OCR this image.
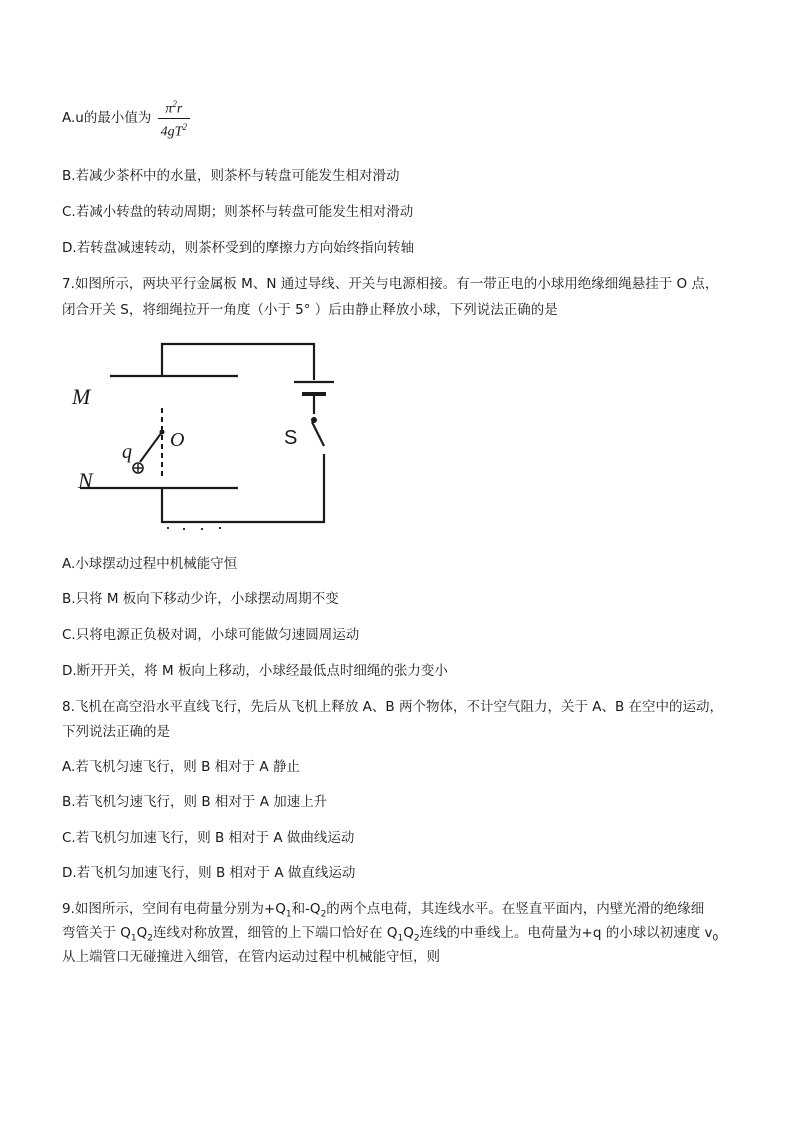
A.u的最小值为 $\frac{\pi^2r}{4gT^2}$
B.若减少茶杯中的水量，则茶杯与转盘可能发生相对滑动
C.若减小转盘的转动周期；则茶杯与转盘可能发生相对滑动
D.若转盘减速转动，则茶杯受到的摩擦力方向始终指向转轴
7.如图所示，两块平行金属板 M、N 通过导线、开关与电源相接。有一带正电的小球用绝缘细绳悬挂于 O 点，
闭合开关 S，将细绳拉开一角度（小于 5° ）后由静止释放小球，下列说法正确的是
M
N
q
O	S
A.小球摆动过程中机械能守恒
B.只将 M 板向下移动少许，小球摆动周期不变
C.只将电源正负极对调，小球可能做匀速圆周运动
D.断开开关，将 M 板向上移动，小球经最低点时细绳的张力变小
8.飞机在高空沿水平直线飞行，先后从飞机上释放 A、B 两个物体，不计空气阻力，关于 A、B 在空中的运动，
下列说法正确的是
A.若飞机匀速飞行，则 B 相对于 A 静止
B.若飞机匀速飞行，则 B 相对于 A 加速上升
C.若飞机匀加速飞行，则 B 相对于 A 做曲线运动
D.若飞机匀加速飞行，则 B 相对于 A 做直线运动
9.如图所示，空间有电荷量分别为$+Q_1$和$-Q_2$的两个点电荷，其连线水平。在竖直平面内，内壁光滑的绝缘细
弯管关于 $Q_1Q_2$连线对称放置，细管的上下端口恰好在 $Q_1Q_2$连线的中垂线上。电荷量为+q 的小球以初速度 $v_0$
从上端管口无碰撞进入细管，在管内运动过程中机械能守恒，则
